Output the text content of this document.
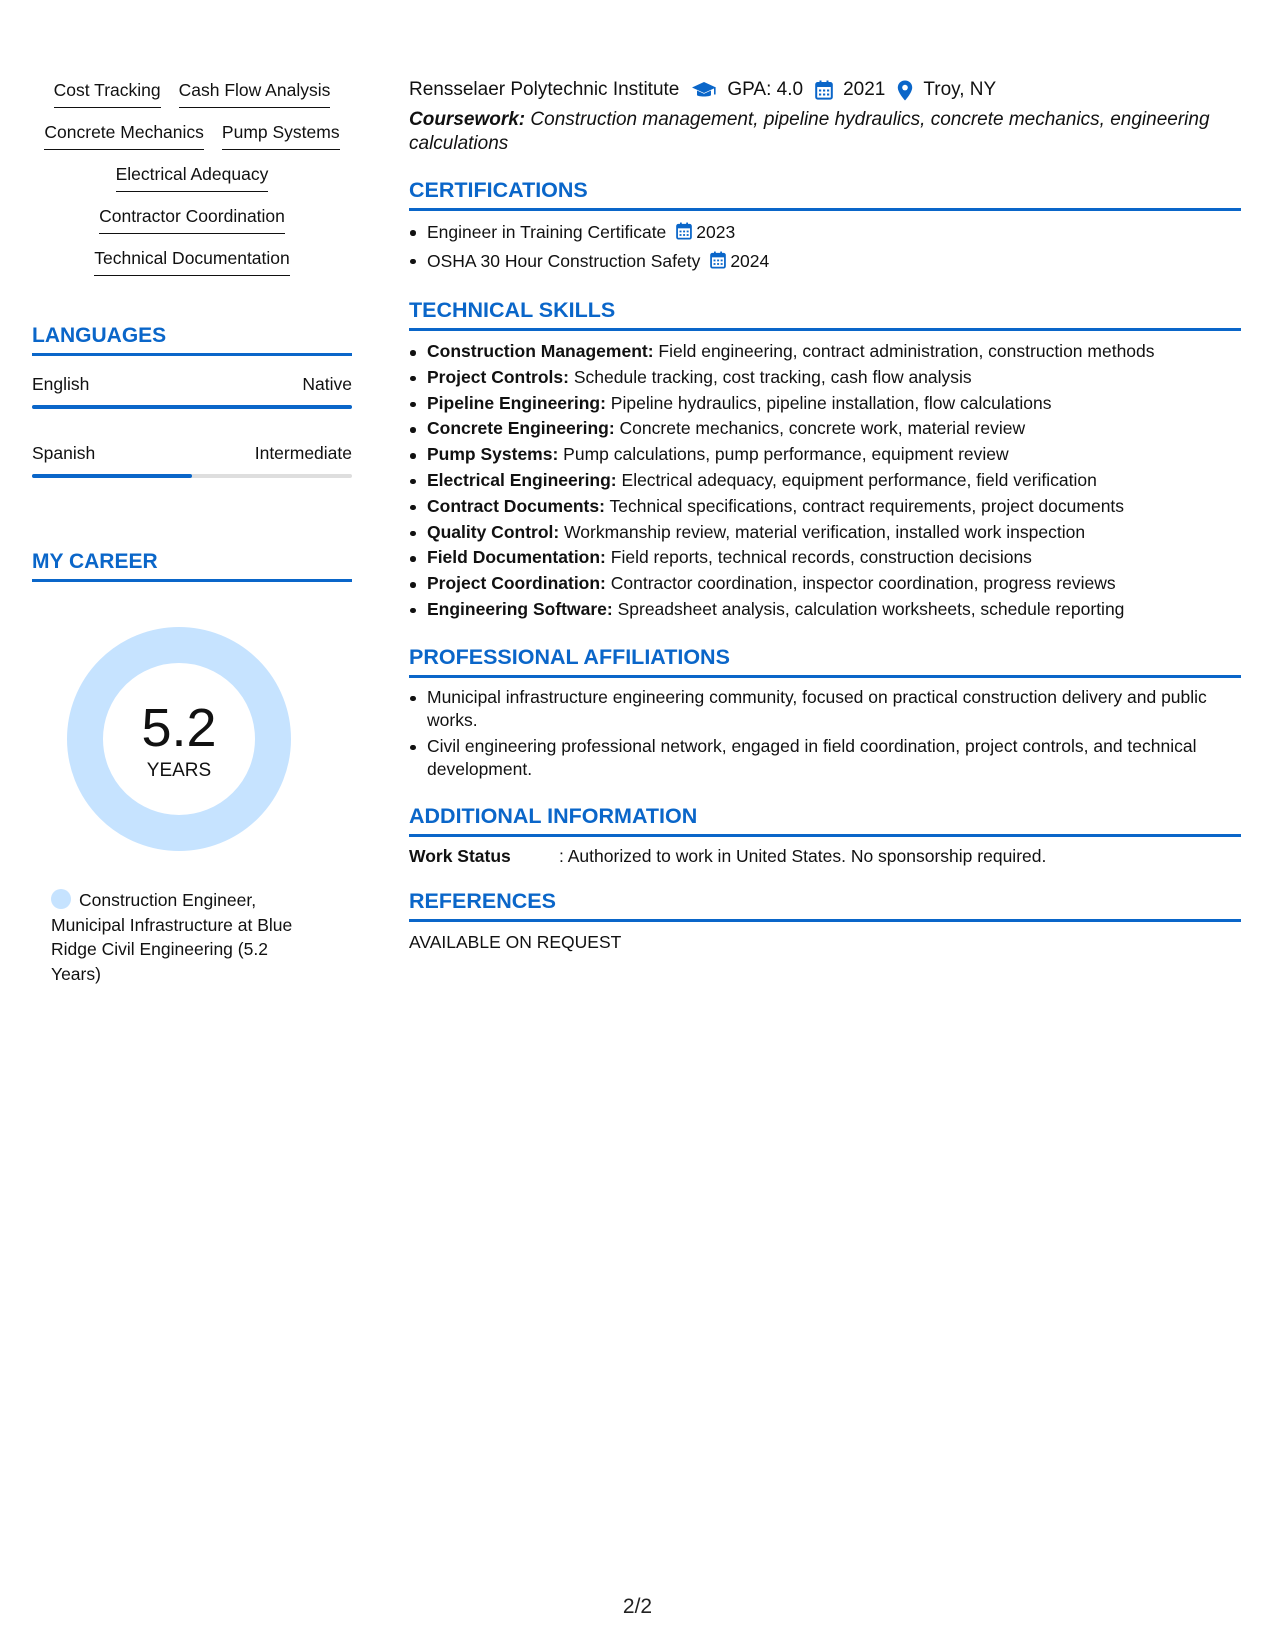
Cost Tracking Cash Flow Analysis
Concrete Mechanics Pump Systems
Electrical Adequacy
Contractor Coordination
Technical Documentation
LANGUAGES
English	Native
Spanish	Intermediate
MY CAREER
5.2
YEARS
Construction Engineer, Municipal Infrastructure at Blue Ridge Civil Engineering (5.2 Years)
Rensselaer Polytechnic Institute	GPA: 4.0 2021 Troy, NY
Coursework: Construction management, pipeline hydraulics, concrete mechanics, engineering calculations
CERTIFICATIONS
Engineer in Training Certificate 2023
OSHA 30 Hour Construction Safety 2024
TECHNICAL SKILLS
Construction Management: Field engineering, contract administration, construction methods
Project Controls: Schedule tracking, cost tracking, cash flow analysis
Pipeline Engineering: Pipeline hydraulics, pipeline installation, flow calculations
Concrete Engineering: Concrete mechanics, concrete work, material review
Pump Systems: Pump calculations, pump performance, equipment review
Electrical Engineering: Electrical adequacy, equipment performance, field verification
Contract Documents: Technical specifications, contract requirements, project documents
Quality Control: Workmanship review, material verification, installed work inspection
Field Documentation: Field reports, technical records, construction decisions
Project Coordination: Contractor coordination, inspector coordination, progress reviews
Engineering Software: Spreadsheet analysis, calculation worksheets, schedule reporting
PROFESSIONAL AFFILIATIONS
Municipal infrastructure engineering community, focused on practical construction delivery and public works.
Civil engineering professional network, engaged in field coordination, project controls, and technical development.
ADDITIONAL INFORMATION
Work Status	: Authorized to work in United States. No sponsorship required.
REFERENCES
AVAILABLE ON REQUEST
2/2
